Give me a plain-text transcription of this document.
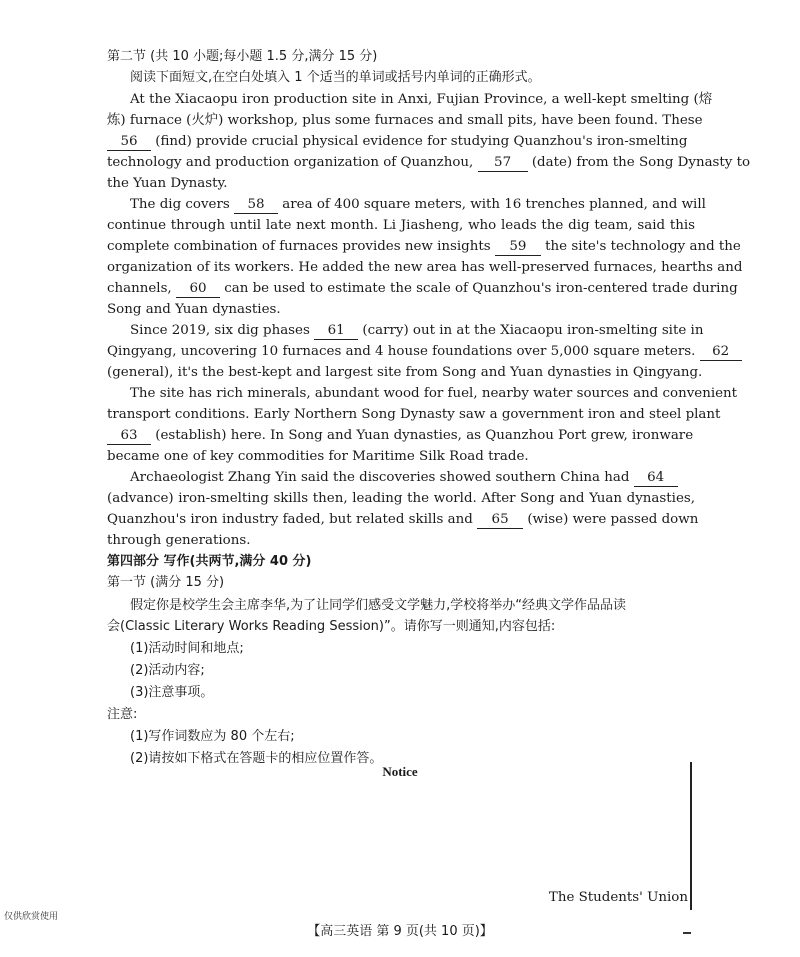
第二节 (共 10 小题;每小题 1.5 分,满分 15 分)
阅读下面短文,在空白处填入 1 个适当的单词或括号内单词的正确形式。
At the Xiacaopu iron production site in Anxi, Fujian Province, a well-kept smelting (熔
炼) furnace (火炉) workshop, plus some furnaces and small pits, have been found. These
56 (find) provide crucial physical evidence for studying Quanzhou's iron-smelting
technology and production organization of Quanzhou, 57 (date) from the Song Dynasty to
the Yuan Dynasty.
The dig covers 58 area of 400 square meters, with 16 trenches planned, and will
continue through until late next month. Li Jiasheng, who leads the dig team, said this
complete combination of furnaces provides new insights 59 the site's technology and the
organization of its workers. He added the new area has well-preserved furnaces, hearths and
channels, 60 can be used to estimate the scale of Quanzhou's iron-centered trade during
Song and Yuan dynasties.
Since 2019, six dig phases 61 (carry) out in at the Xiacaopu iron-smelting site in
Qingyang, uncovering 10 furnaces and 4 house foundations over 5,000 square meters. 62
(general), it's the best-kept and largest site from Song and Yuan dynasties in Qingyang.
The site has rich minerals, abundant wood for fuel, nearby water sources and convenient
transport conditions. Early Northern Song Dynasty saw a government iron and steel plant
63 (establish) here. In Song and Yuan dynasties, as Quanzhou Port grew, ironware
became one of key commodities for Maritime Silk Road trade.
Archaeologist Zhang Yin said the discoveries showed southern China had 64
(advance) iron-smelting skills then, leading the world. After Song and Yuan dynasties,
Quanzhou's iron industry faded, but related skills and 65 (wise) were passed down
through generations.
第四部分 写作(共两节,满分 40 分)
第一节 (满分 15 分)
假定你是校学生会主席李华,为了让同学们感受文学魅力,学校将举办“经典文学作品品读
会(Classic Literary Works Reading Session)”。请你写一则通知,内容包括:
(1)活动时间和地点;
(2)活动内容;
(3)注意事项。
注意:
(1)写作词数应为 80 个左右;
(2)请按如下格式在答题卡的相应位置作答。
Notice
The Students' Union
仅供欣赏使用
【高三英语 第 9 页(共 10 页)】
